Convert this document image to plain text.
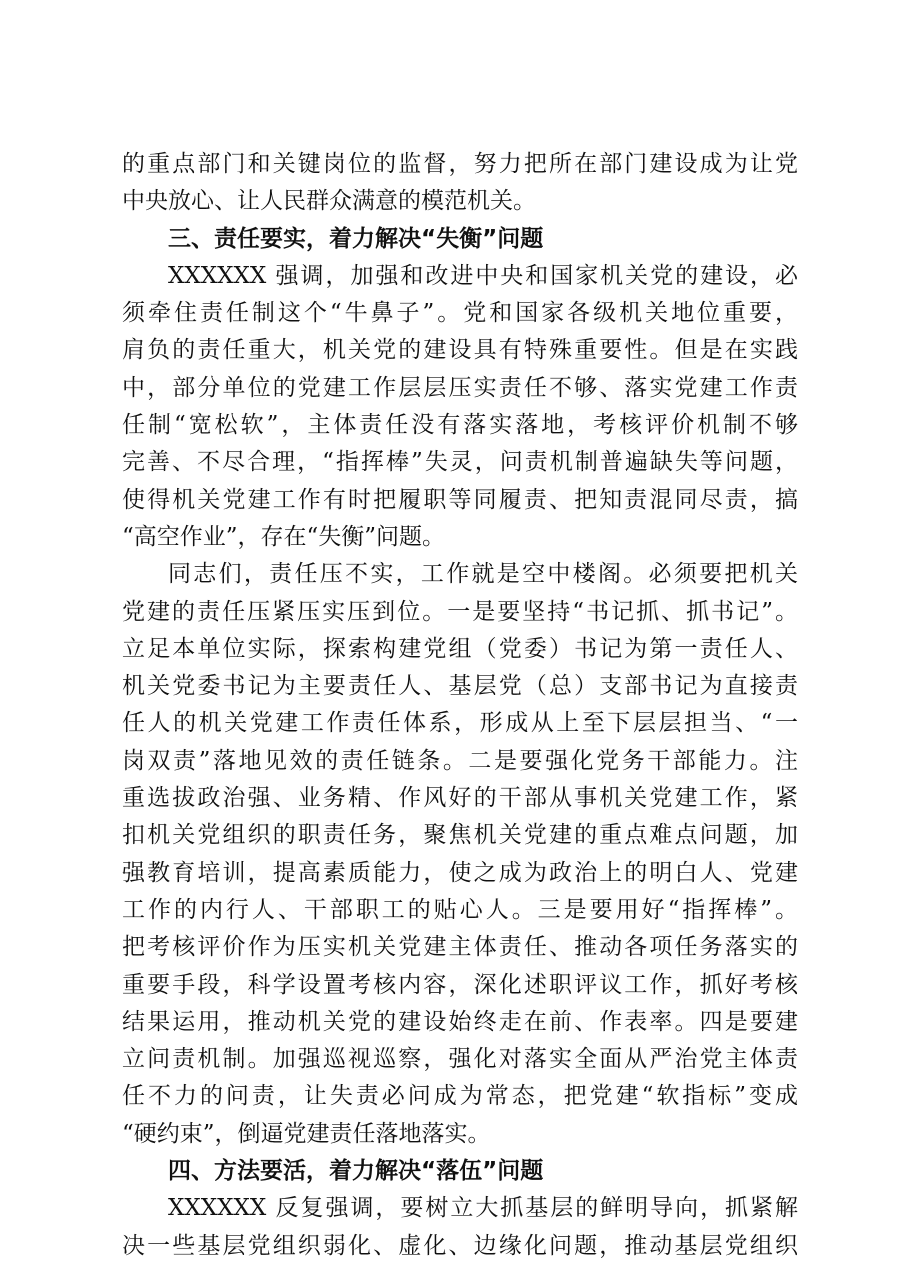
的重点部门和关键岗位的监督，努力把所在部门建设成为让党
中央放心、让人民群众满意的模范机关。
三、责任要实，着力解决“失衡”问题
XXXXXX 强调，加强和改进中央和国家机关党的建设，必
须牵住责任制这个“牛鼻子”。党和国家各级机关地位重要，
肩负的责任重大，机关党的建设具有特殊重要性。但是在实践
中，部分单位的党建工作层层压实责任不够、落实党建工作责
任制“宽松软”，主体责任没有落实落地，考核评价机制不够
完善、不尽合理，“指挥棒”失灵，问责机制普遍缺失等问题，
使得机关党建工作有时把履职等同履责、把知责混同尽责，搞
“高空作业”，存在“失衡”问题。
同志们，责任压不实，工作就是空中楼阁。必须要把机关
党建的责任压紧压实压到位。一是要坚持“书记抓、抓书记”。
立足本单位实际，探索构建党组（党委）书记为第一责任人、
机关党委书记为主要责任人、基层党（总）支部书记为直接责
任人的机关党建工作责任体系，形成从上至下层层担当、“一
岗双责”落地见效的责任链条。二是要强化党务干部能力。注
重选拔政治强、业务精、作风好的干部从事机关党建工作，紧
扣机关党组织的职责任务，聚焦机关党建的重点难点问题，加
强教育培训，提高素质能力，使之成为政治上的明白人、党建
工作的内行人、干部职工的贴心人。三是要用好“指挥棒”。
把考核评价作为压实机关党建主体责任、推动各项任务落实的
重要手段，科学设置考核内容，深化述职评议工作，抓好考核
结果运用，推动机关党的建设始终走在前、作表率。四是要建
立问责机制。加强巡视巡察，强化对落实全面从严治党主体责
任不力的问责，让失责必问成为常态，把党建“软指标”变成
“硬约束”，倒逼党建责任落地落实。
四、方法要活，着力解决“落伍”问题
XXXXXX 反复强调，要树立大抓基层的鲜明导向，抓紧解
决一些基层党组织弱化、虚化、边缘化问题，推动基层党组织
